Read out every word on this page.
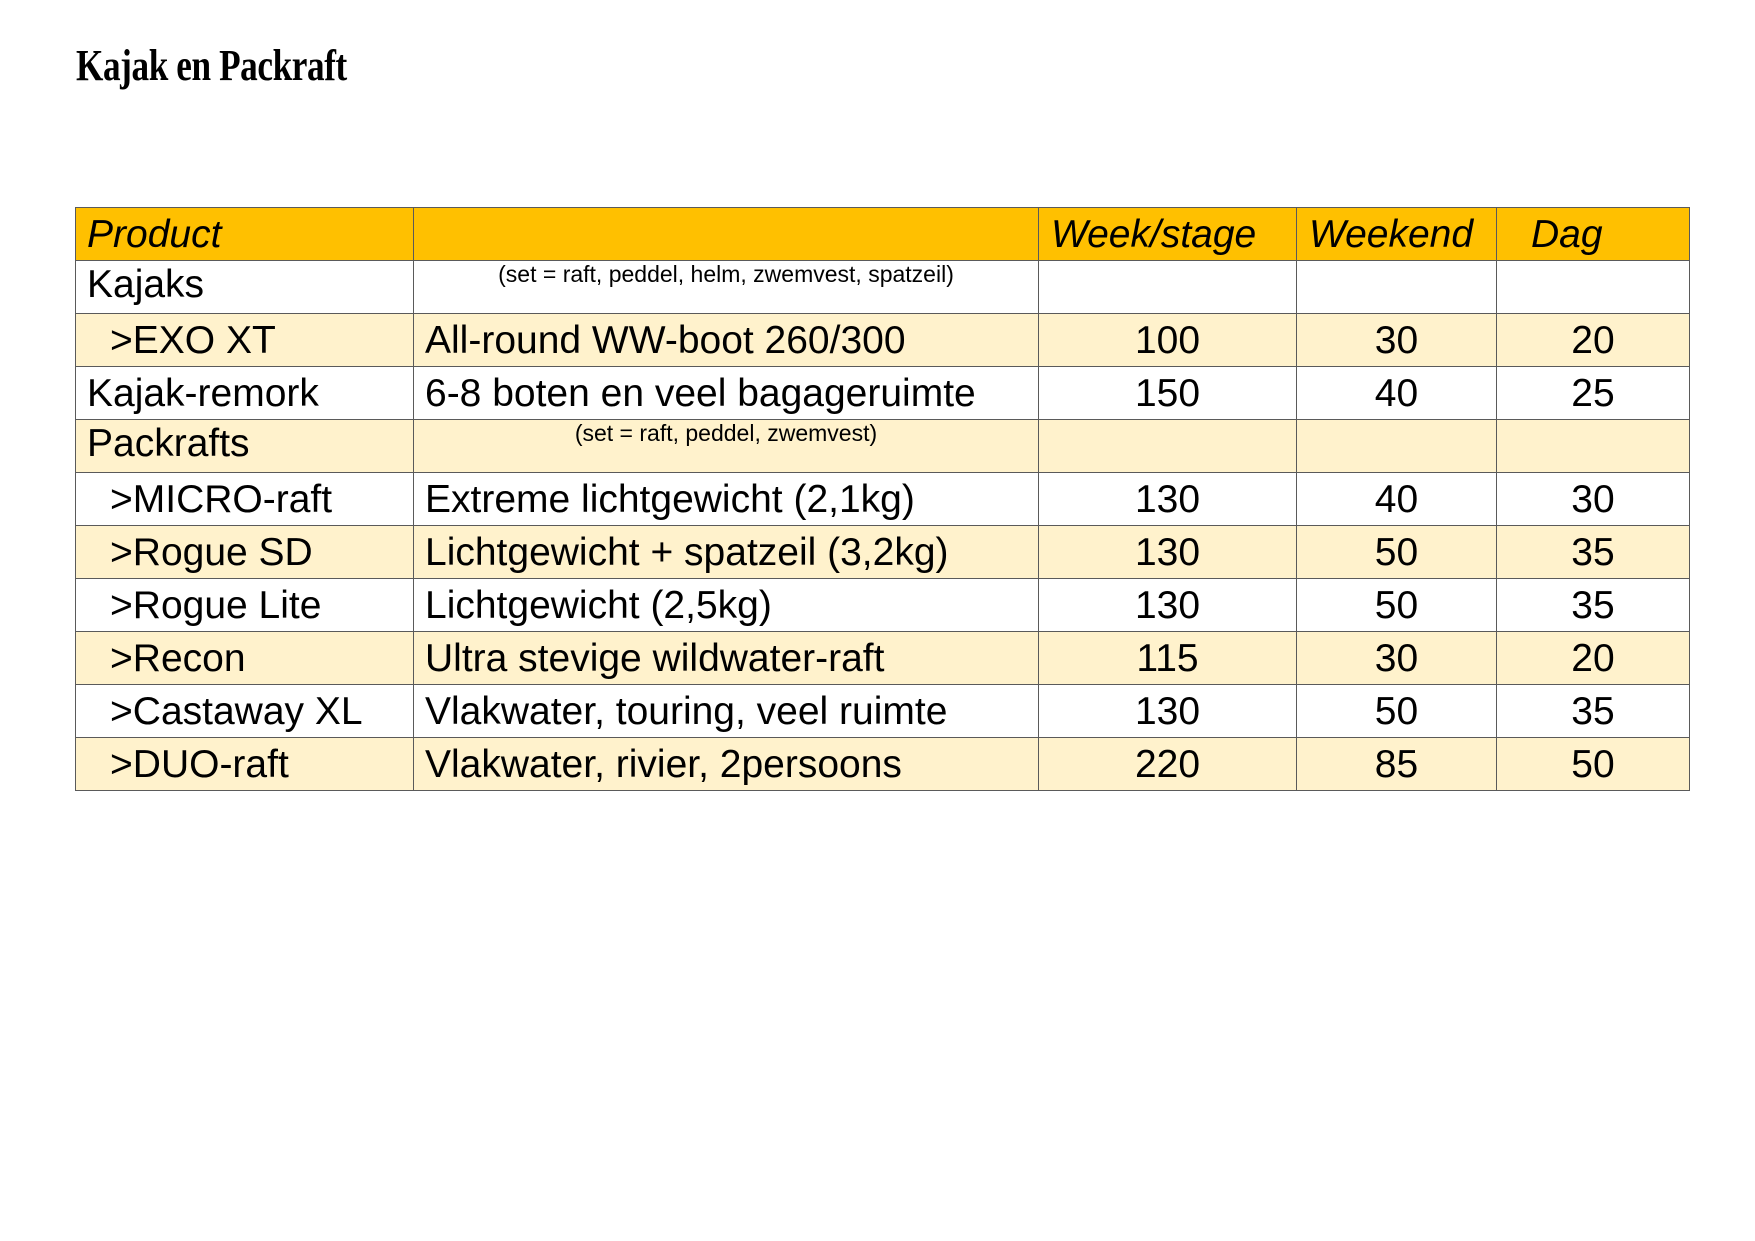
Kajak en Packraft
Product		Week/stage	Weekend	Dag

Kajaks	(set = raft, peddel, helm, zwemvest, spatzeil)			

>EXO XT	All-round WW-boot 260/300	100	30	20
Kajak-remork	6-8 boten en veel bagageruimte	150	40	25

Packrafts	(set = raft, peddel, zwemvest)			

>MICRO-raft	Extreme lichtgewicht (2,1kg)	130	40	30
>Rogue SD	Lichtgewicht + spatzeil (3,2kg)	130	50	35
>Rogue Lite	Lichtgewicht (2,5kg)	130	50	35
>Recon	Ultra stevige wildwater-raft	115	30	20
>Castaway XL	Vlakwater, touring, veel ruimte	130	50	35
>DUO-raft	Vlakwater, rivier, 2persoons	220	85	50
